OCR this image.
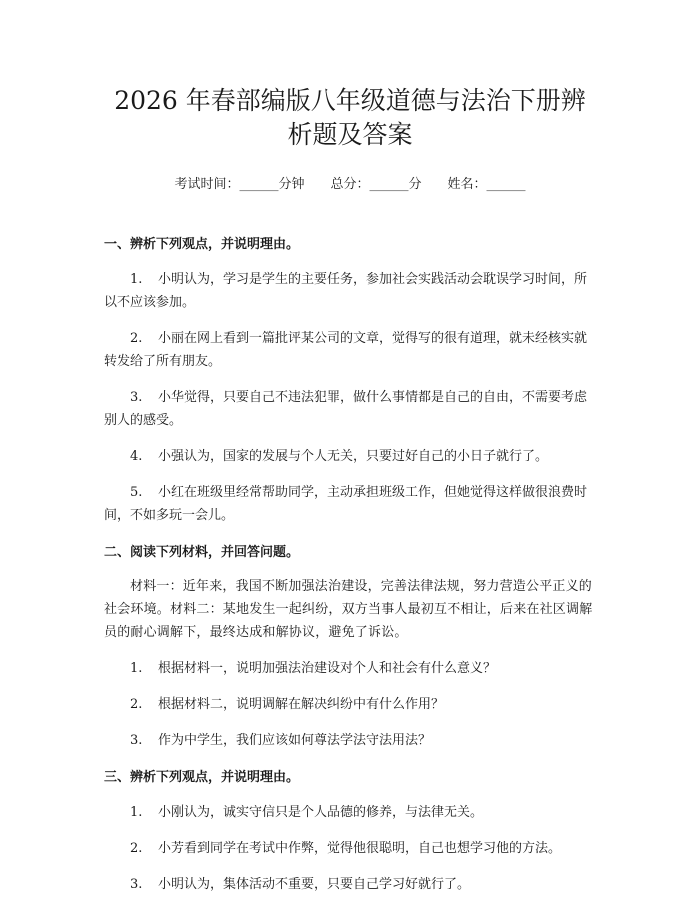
2026 年春部编版八年级道德与法治下册辨析题及答案
考试时间：______分钟 总分：______分 姓名：______
一、辨析下列观点，并说明理由。
1. 小明认为，学习是学生的主要任务，参加社会实践活动会耽误学习时间，所以不应该参加。
2. 小丽在网上看到一篇批评某公司的文章，觉得写的很有道理，就未经核实就转发给了所有朋友。
3. 小华觉得，只要自己不违法犯罪，做什么事情都是自己的自由，不需要考虑别人的感受。
4. 小强认为，国家的发展与个人无关，只要过好自己的小日子就行了。
5. 小红在班级里经常帮助同学，主动承担班级工作，但她觉得这样做很浪费时间，不如多玩一会儿。
二、阅读下列材料，并回答问题。

材料一：近年来，我国不断加强法治建设，完善法律法规，努力营造公平正义的社会环境。材料二：某地发生一起纠纷，双方当事人最初互不相让，后来在社区调解员的耐心调解下，最终达成和解协议，避免了诉讼。

1. 根据材料一，说明加强法治建设对个人和社会有什么意义？
2. 根据材料二，说明调解在解决纠纷中有什么作用？
3. 作为中学生，我们应该如何尊法学法守法用法？
三、辨析下列观点，并说明理由。
1. 小刚认为，诚实守信只是个人品德的修养，与法律无关。
2. 小芳看到同学在考试中作弊，觉得他很聪明，自己也想学习他的方法。
3. 小明认为，集体活动不重要，只要自己学习好就行了。
